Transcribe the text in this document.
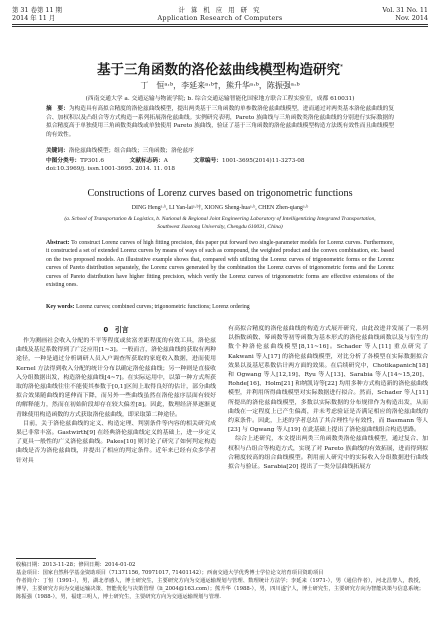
第 31 卷第 11 期
2014 年 11 月
计 算 机 应 用 研 究
Application Research of Computers
Vol. 31 No. 11
Nov. 2014
基于三角函数的洛伦兹曲线模型构造研究*
丁　恒ᵃ·ᵇ，李延来ᵃ·ᵇ†，熊升华ᵃ·ᵇ，陈振强ᵃ·ᵇ
(西南交通大学 a. 交通运输与物流学院; b. 综合交通运输智能化国家地方联合工程实验室，成都 610031)
摘　要：为构造具有高拟合精度的洛伦兹曲线模型，提出两类基于三角函数的单参数洛伦兹曲线模型，进而通过对两类基本洛伦兹曲线的复合、加权积以及凸组合等方式构造一系列拓展洛伦兹曲线。实例研究表明，Pareto 族曲线与三角函数类洛伦兹曲线的分别进行实际数据的拟合精度高于单独使用三角函数类曲线或单独使用 Pareto 族曲线，验证了基于三角函数的洛伦兹曲线模型构造方法既有效性而且曲线模型的有效性。
关键词：洛伦兹曲线模型；组合曲线；三角函数；洛伦兹序
中图分类号：TP301.6	文献标志码：A	文章编号：1001-3695(2014)11-3273-08
doi:10.3969/j. issn.1001-3695. 2014. 11. 018
Constructions of Lorenz curves based on trigonometric functions
DING Hengᵃ·ᵇ, LI Yan-laiᵃ·ᵇ†, XIONG Sheng-huaᵃ·ᵇ, CHEN Zhen-qiangᵃ·ᵇ
(a. School of Transportation & Logistics, b. National & Regional Joint Engineering Laboratory of Intelligentizing Integrated Transportation, Southwest Jiaotong University, Chengdu 610031, China)
Abstract: To construct Lorenz curves of high fitting precision, this paper put forward two single-parameter models for Lorenz curves. Furthermore, it constructed a set of extended Lorenz curves by means of ways of such as compound, the weighted product and the convex combination, etc. based on the two proposed models. An illustrative example shows that, compared with utilizing the Lorenz curves of trigonometric forms or the Lorenz curves of Pareto distribution separately, the Lorenz curves generated by the combination the Lorenz curves of trigonometric forms and the Lorenz curves of Pareto distribution have higher fitting precision, which verify the Lorenz curves of trigonometric forms are effective extensions of the existing ones.
Key words: Lorenz curves; combined curves; trigonometric functions; Lorenz ordering
0　引言

作为测画社会收入分配的不平等程度或贫富差距程度的有效工具，洛伦兹曲线及基尼系数得到了广泛应用[1~3]。一般而言，洛伦兹曲线的获取有两种途径，一种是通过分析调研人员入户调查所获取的家庭收入数据，进而使用 Kernel 方法得到收入分配的统计分布以确定洛伦兹曲线；另一种则是直接收入分组数据出发，构造洛伦兹曲线[4~7]。在实际运用中，以第一种方式所获取的洛伦兹曲线往往不能使其参数于[0,1]区间上取得良好的估计，部分曲线拟合效果随曲线的延伸而下降，而另外一些曲线虽然在洛伦兹序层面有较好的解释能力，然而在初始阶段却存在较大偏差[8]。因此，数理经济界逐渐更青睐使用构造函数的方式获取洛伦兹曲线，即采取第二种途径。

目前，关于洛伦兹曲线的定义、构造定理、判别条件等内容的相关研究成果已非常丰富。Gastwirth[9] 在经典洛伦兹曲线定义的基础上，进一步定义了更具一般性的广义洛伦兹曲线。Pakes[10] 则讨论了研究了如何判定构造曲线是否为洛伦兹曲线，并提出了相应的判定条件。近年来已经有众多学者针对具

有高拟合精度的洛伦兹曲线的构造方式展开研究，由此改进并发展了一系列以指数函数、幂函数等初等函数为基本形式的洛伦兹曲线函数以及与衍生的数个种洛伦兹曲线模型[8,11~16]。Schader 等人[11] 重点研究了 Kakwani 等人[17] 的洛伦兹曲线模型，对比分析了各模型在实际数据拟合效果以及基尼系数估计两方面的效果。在后续研究中，Chotikapanich[18] 和 Ogwang 等人[12,19]、Ryu 等人[13]、Sarabia 等人[14~15,20]、Rohde[16]、Holm[21] 和纳凯诗等[22] 均用多种方式构造新的洛伦兹曲线模型，并利用所得曲线模型对实际数据进行拟合。然而，Schader 等人[11] 所提出的洛伦兹曲线模型，多数以实际数据的分布规律作为构造出发，从而曲线在一定程度上已产生偏离，并未考虑验证是否满足相应的洛伦兹曲线的约束条件。因此，上述的学者总结了其合理性与有效性，而 Basmann 等人[23] 与 Ogwang 等人[19] 在此基础上提出了洛伦兹曲线组合构造思路。

综合上述研究，本文提出两类三角函数类洛伦兹曲线模型，通过复合、加权积与凸组合等构造方式，实现了对 Pareto 族曲线的有效拓展，进而得到拟合精度较高的组合曲线模型。利用前人研究中的实际收入分组数据进行曲线拟合与验证。Sarabia[20] 提出了一类分层曲线拓展方

收稿日期：2013-11-28；修回日期：2014-01-02
基金项目：国家自然科学基金资助项目（71371156, 70971017, 71401142）；西南交通大学优秀博士学位论文培育项目资助项目
作者简介：丁恒（1991-），男，湖北孝感人，博士研究生，主要研究方向为交通运输规划与管理、数理统计方法学；李延来（1971-），男（通信作者），河北昌黎人，教授，博导，主要研究方向为交通运输决策、智能优化与决策管理（li_2004@163.com）；熊升华（1988-），男，四川遂宁人，博士研究生，主要研究方向为智能决策与信息系统；陈振强（1988-），男，福建三明人，博士研究生，主要研究方向为交通运输规划与管理.
